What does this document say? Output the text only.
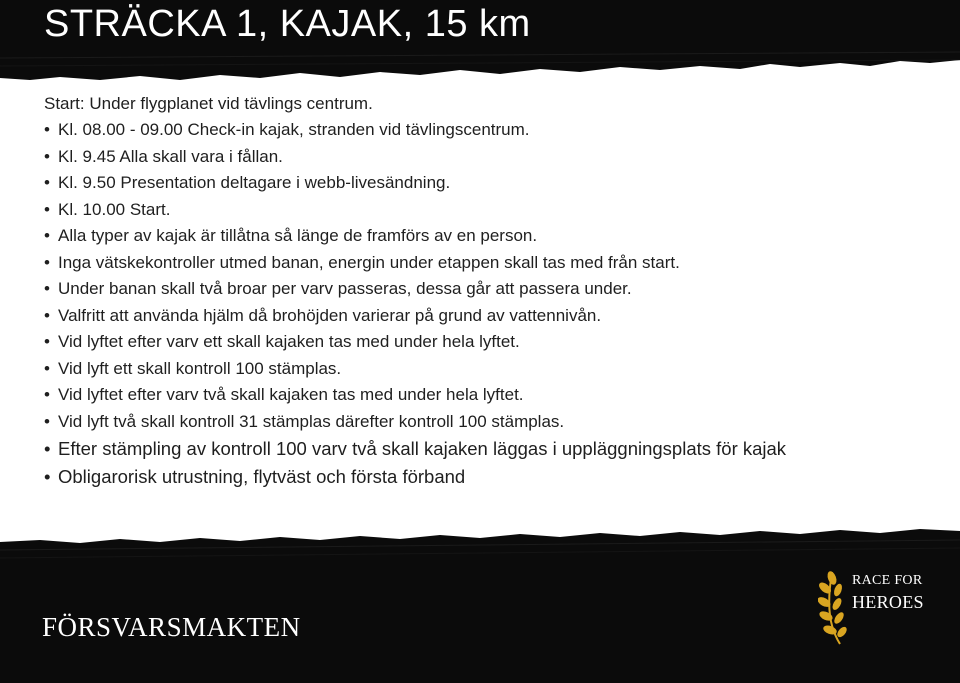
STRÄCKA 1, KAJAK, 15 km
Start: Under flygplanet vid tävlings centrum.
• Kl. 08.00 - 09.00 Check-in kajak, stranden vid tävlingscentrum.
• Kl. 9.45 Alla skall vara i fållan.
• Kl. 9.50 Presentation deltagare i webb-livesändning.
• Kl. 10.00 Start.
• Alla typer av kajak är tillåtna så länge de framförs av en person.
• Inga vätskekontroller utmed banan, energin under etappen skall tas med från start.
• Under banan skall två broar per varv passeras, dessa går att passera under.
• Valfritt att använda hjälm då brohöjden varierar på grund av vattennivån.
• Vid lyftet efter varv ett skall kajaken tas med under hela lyftet.
• Vid lyft ett skall kontroll 100 stämplas.
• Vid lyftet efter varv två skall kajaken tas med under hela lyftet.
• Vid lyft två skall kontroll 31 stämplas därefter kontroll 100 stämplas.
• Efter stämpling av kontroll 100 varv två skall kajaken läggas i uppläggningsplats för kajak
• Obligarorisk utrustning, flytväst och första förband
FÖRSVARSMAKTEN
RACE FOR
HEROES
